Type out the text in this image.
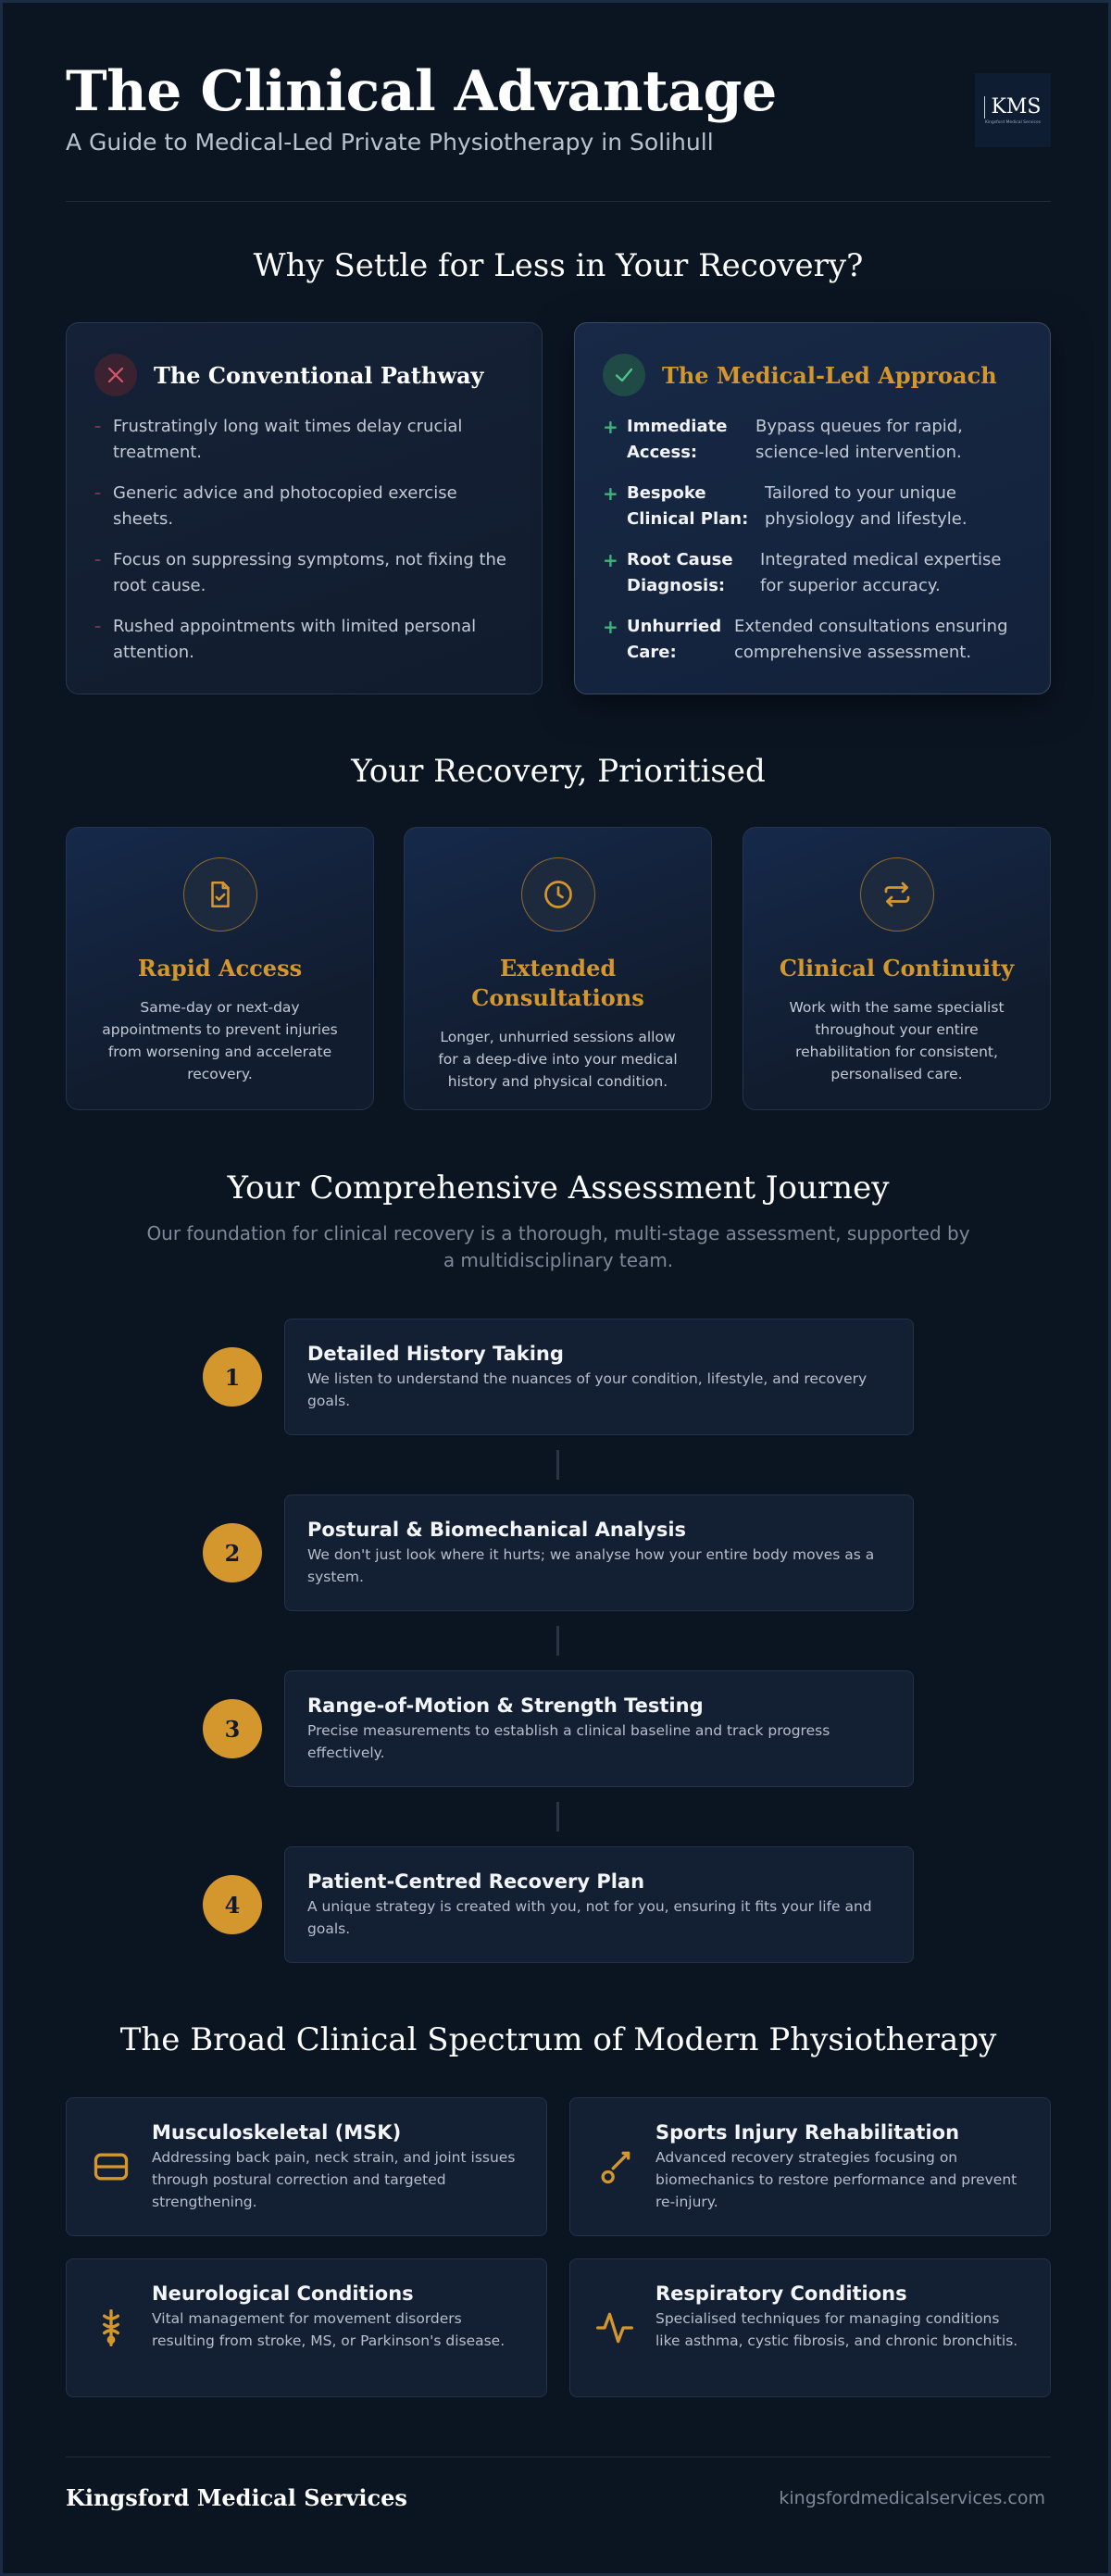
The Clinical Advantage
A Guide to Medical-Led Private Physiotherapy in Solihull
KMS
Kingsford Medical Services
Why Settle for Less in Your Recovery?
The Conventional Pathway
– Frustratingly long wait times delay crucial treatment.
– Generic advice and photocopied exercise sheets.
– Focus on suppressing symptoms, not fixing the root cause.
– Rushed appointments with limited personal attention.
The Medical-Led Approach
+ Immediate Access:
Bypass queues for rapid, science-led intervention.
+ Bespoke Clinical Plan:
Tailored to your unique physiology and lifestyle.
+ Root Cause Diagnosis:
Integrated medical expertise for superior accuracy.
+ Unhurried Care:
Extended consultations ensuring comprehensive assessment.
Your Recovery, Prioritised
Rapid Access
Same-day or next-day appointments to prevent injuries from worsening and accelerate recovery.
Extended Consultations
Longer, unhurried sessions allow for a deep-dive into your medical history and physical condition.
Clinical Continuity
Work with the same specialist throughout your entire rehabilitation for consistent, personalised care.
Your Comprehensive Assessment Journey
Our foundation for clinical recovery is a thorough, multi-stage assessment, supported by a multidisciplinary team.
1
Detailed History Taking
We listen to understand the nuances of your condition, lifestyle, and recovery goals.
2
Postural & Biomechanical Analysis
We don't just look where it hurts; we analyse how your entire body moves as a system.
3
Range-of-Motion & Strength Testing
Precise measurements to establish a clinical baseline and track progress effectively.
4
Patient-Centred Recovery Plan
A unique strategy is created with you, not for you, ensuring it fits your life and goals.
The Broad Clinical Spectrum of Modern Physiotherapy
Musculoskeletal (MSK)
Addressing back pain, neck strain, and joint issues through postural correction and targeted strengthening.
Sports Injury Rehabilitation
Advanced recovery strategies focusing on biomechanics to restore performance and prevent re-injury.
Neurological Conditions
Vital management for movement disorders resulting from stroke, MS, or Parkinson's disease.
Respiratory Conditions
Specialised techniques for managing conditions like asthma, cystic fibrosis, and chronic bronchitis.
Kingsford Medical Services	kingsfordmedicalservices.com
